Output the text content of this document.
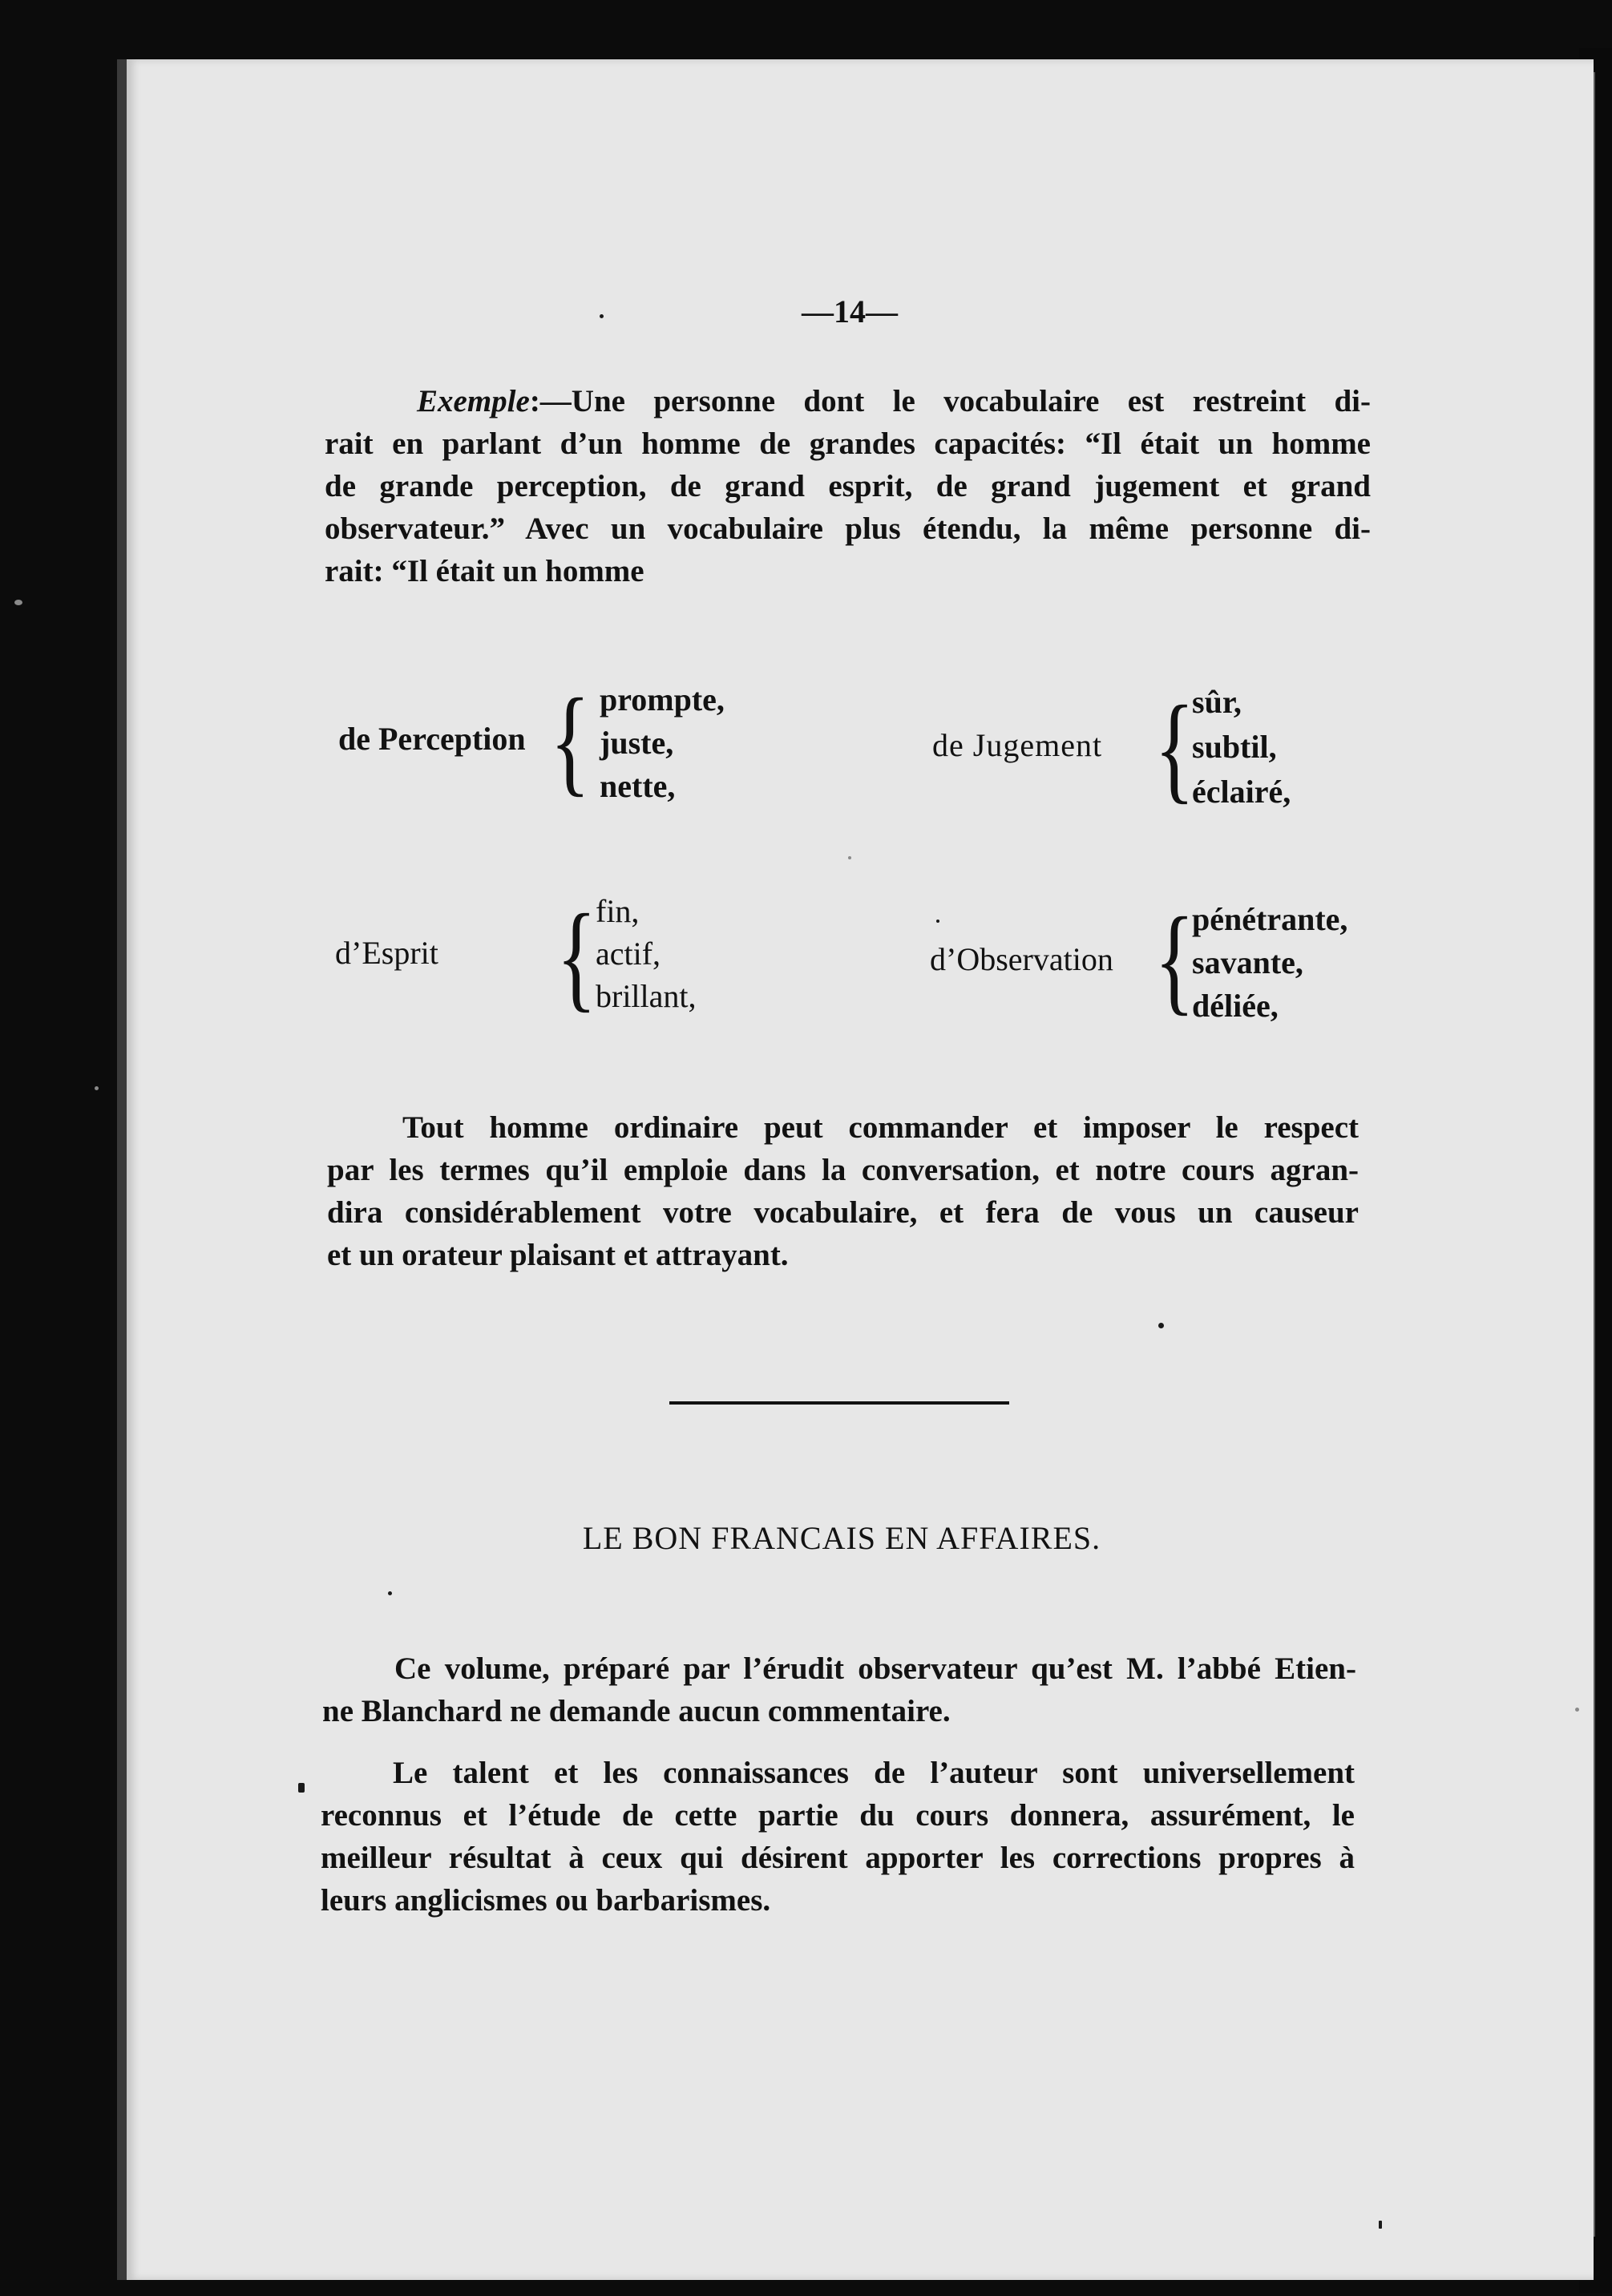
—14—
Exemple:—Une personne dont le vocabulaire est restreint di-
rait en parlant d’un homme de grandes capacités: “Il était un homme
de grande perception, de grand esprit, de grand jugement et grand
observateur.” Avec un vocabulaire plus étendu, la même personne di-
rait: “Il était un homme
de Perception { prompte,
juste,
nette,
de Jugement {
sûr,
subtil,
éclairé,
d’Esprit {
fin,
actif,
brillant,
d’Observation {
pénétrante,
savante,
déliée,
Tout homme ordinaire peut commander et imposer le respect
par les termes qu’il emploie dans la conversation, et notre cours agran-
dira considérablement votre vocabulaire, et fera de vous un causeur
et un orateur plaisant et attrayant.
LE BON FRANCAIS EN AFFAIRES.
Ce volume, préparé par l’érudit observateur qu’est M. l’abbé Etien-
ne Blanchard ne demande aucun commentaire.
Le talent et les connaissances de l’auteur sont universellement
reconnus et l’étude de cette partie du cours donnera, assurément, le
meilleur résultat à ceux qui désirent apporter les corrections propres à
leurs anglicismes ou barbarismes.
